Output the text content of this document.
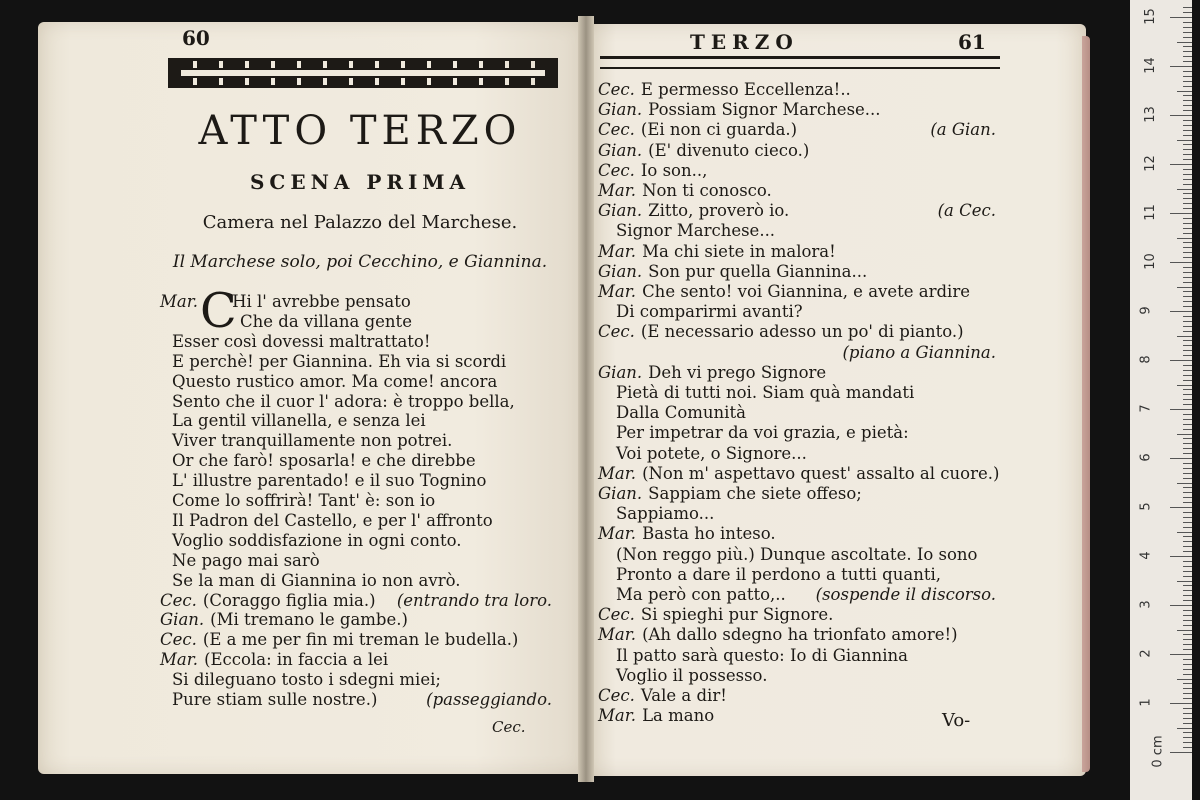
60
ATTO TERZO
SCENA PRIMA
Camera nel Palazzo del Marchese.
Il Marchese solo, poi Cecchino, e Giannina.
C
Mar. Hi l' avrebbe pensato
Che da villana gente
Esser così dovessi maltrattato!
E perchè! per Giannina. Eh via si scordi
Questo rustico amor. Ma come! ancora
Sento che il cuor l' adora: è troppo bella,
La gentil villanella, e senza lei
Viver tranquillamente non potrei.
Or che farò! sposarla! e che direbbe
L' illustre parentado! e il suo Tognino
Come lo soffrirà! Tant' è: son io
Il Padron del Castello, e per l' affronto
Voglio soddisfazione in ogni conto.
Ne pago mai sarò
Se la man di Giannina io non avrò.
Cec. (Coraggo figlia mia.) (entrando tra loro.
Gian. (Mi tremano le gambe.)
Cec. (E a me per fin mi treman le budella.)
Mar. (Eccola: in faccia a lei
Si dileguano tosto i sdegni miei;
Pure stiam sulle nostre.)	(passeggiando.
Cec.
TERZO	61
Cec. E permesso Eccellenza!..
Gian. Possiam Signor Marchese...
Cec. (Ei non ci guarda.)	(a Gian.
Gian. (E' divenuto cieco.)
Cec. Io son..,
Mar. Non ti conosco.
Gian. Zitto, proverò io.	(a Cec.
Signor Marchese...
Mar. Ma chi siete in malora!
Gian. Son pur quella Giannina...
Mar. Che sento! voi Giannina, e avete ardire
Di comparirmi avanti?
Cec. (E necessario adesso un po' di pianto.)
(piano a Giannina.
Gian. Deh vi prego Signore
Pietà di tutti noi. Siam quà mandati
Dalla Comunità
Per impetrar da voi grazia, e pietà:
Voi potete, o Signore...
Mar. (Non m' aspettavo quest' assalto al cuore.)
Gian. Sappiam che siete offeso;
Sappiamo...
Mar. Basta ho inteso.
(Non reggo più.) Dunque ascoltate. Io sono
Pronto a dare il perdono a tutti quanti,
Ma però con patto,.. (sospende il discorso.
Cec. Si spieghi pur Signore.
Mar. (Ah dallo sdegno ha trionfato amore!)
Il patto sarà questo: Io di Giannina
Voglio il possesso.
Cec. Vale a dir!
Mar. La mano	Vo-
0 cm
1
2
3
4
5
6
7
8
9
10
11
12
13
14
15
